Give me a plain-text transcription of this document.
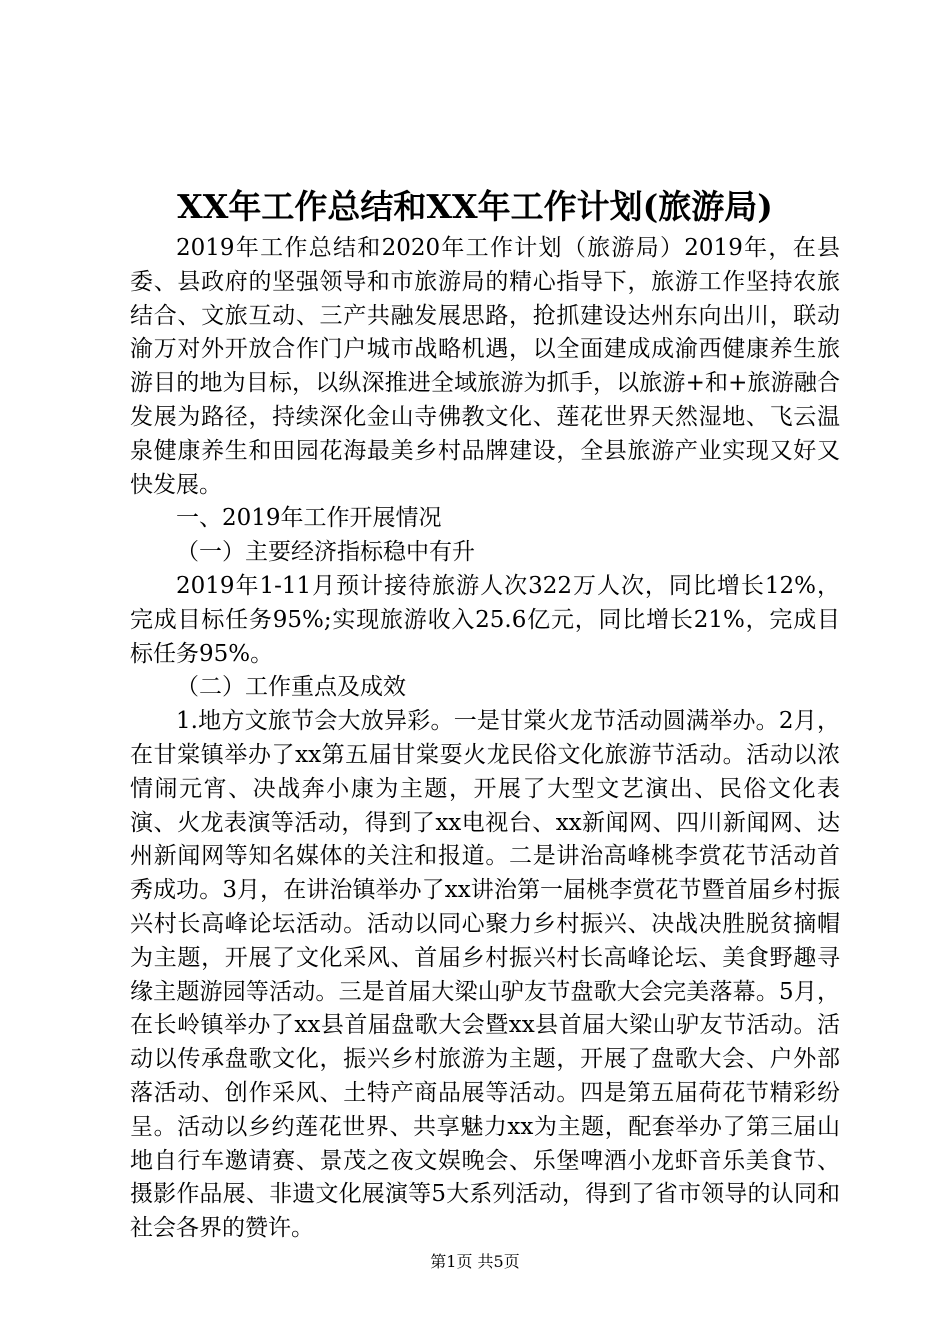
XX年工作总结和XX年工作计划(旅游局)

2019年工作总结和2020年工作计划（旅游局）2019年，在县委、县政府的坚强领导和市旅游局的精心指导下，旅游工作坚持农旅结合、文旅互动、三产共融发展思路，抢抓建设达州东向出川，联动渝万对外开放合作门户城市战略机遇，以全面建成成渝西健康养生旅游目的地为目标，以纵深推进全域旅游为抓手，以旅游+和+旅游融合发展为路径，持续深化金山寺佛教文化、莲花世界天然湿地、飞云温泉健康养生和田园花海最美乡村品牌建设，全县旅游产业实现又好又快发展。

一、2019年工作开展情况

（一）主要经济指标稳中有升

2019年1-11月预计接待旅游人次322万人次，同比增长12%，完成目标任务95%;实现旅游收入25.6亿元，同比增长21%，完成目标任务95%。

（二）工作重点及成效

1.地方文旅节会大放异彩。一是甘棠火龙节活动圆满举办。2月，在甘棠镇举办了xx第五届甘棠耍火龙民俗文化旅游节活动。活动以浓情闹元宵、决战奔小康为主题，开展了大型文艺演出、民俗文化表演、火龙表演等活动，得到了xx电视台、xx新闻网、四川新闻网、达州新闻网等知名媒体的关注和报道。二是讲治高峰桃李赏花节活动首秀成功。3月，在讲治镇举办了xx讲治第一届桃李赏花节暨首届乡村振兴村长高峰论坛活动。活动以同心聚力乡村振兴、决战决胜脱贫摘帽为主题，开展了文化采风、首届乡村振兴村长高峰论坛、美食野趣寻缘主题游园等活动。三是首届大梁山驴友节盘歌大会完美落幕。5月，在长岭镇举办了xx县首届盘歌大会暨xx县首届大梁山驴友节活动。活动以传承盘歌文化，振兴乡村旅游为主题，开展了盘歌大会、户外部落活动、创作采风、土特产商品展等活动。四是第五届荷花节精彩纷呈。活动以乡约莲花世界、共享魅力xx为主题，配套举办了第三届山地自行车邀请赛、景茂之夜文娱晚会、乐堡啤酒小龙虾音乐美食节、摄影作品展、非遗文化展演等5大系列活动，得到了省市领导的认同和社会各界的赞许。

第1页 共5页
